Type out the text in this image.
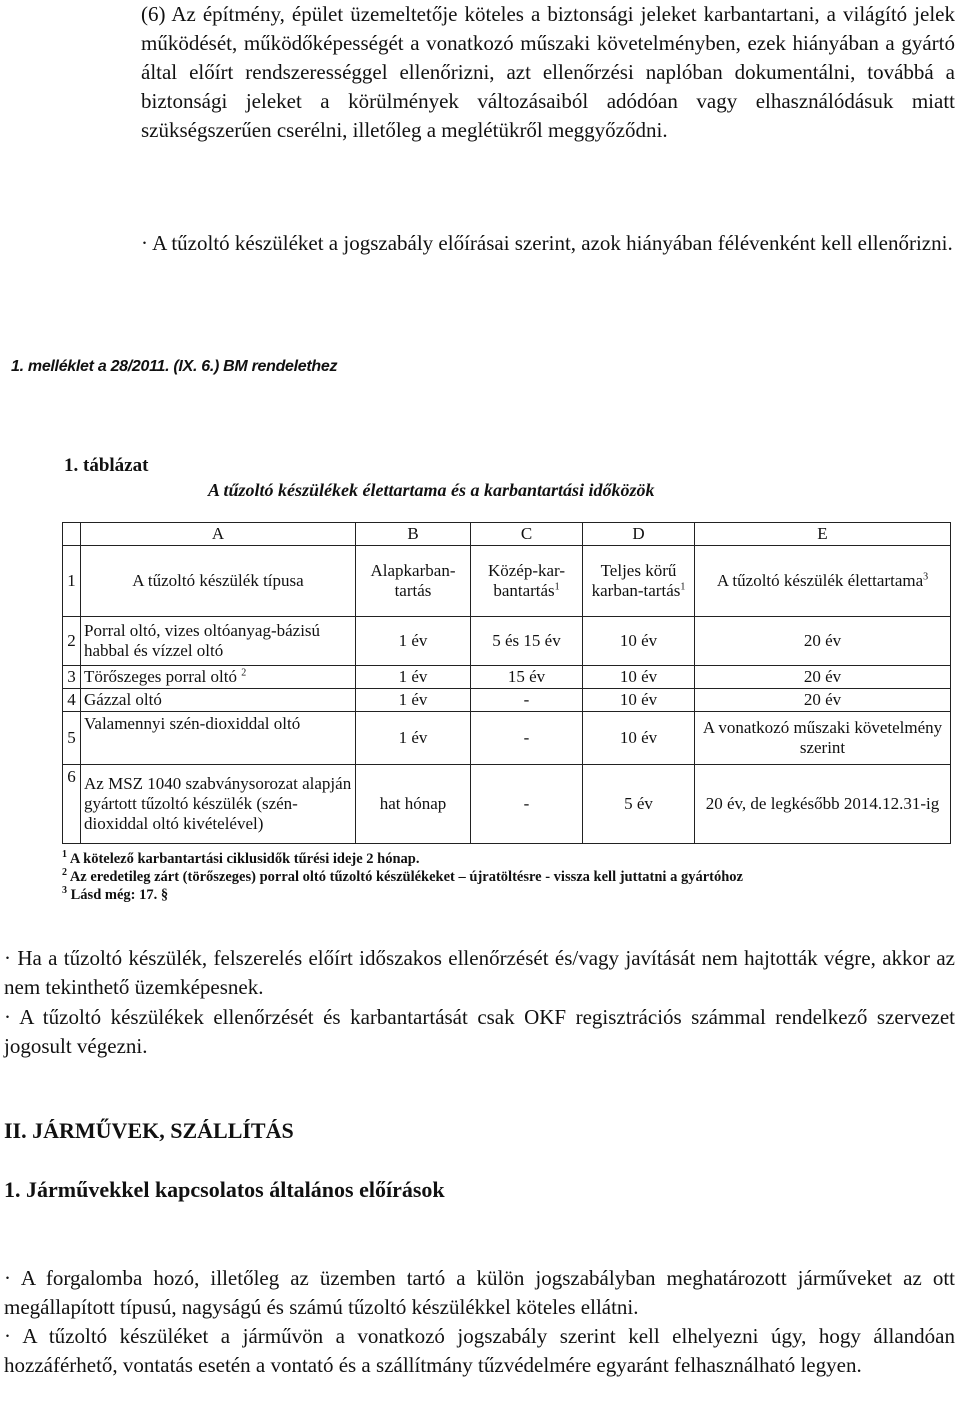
(6) Az építmény, épület üzemeltetője köteles a biztonsági jeleket karbantartani, a világító jelek működését, működőképességét a vonatkozó műszaki követelményben, ezek hiányában a gyártó által előírt rendszerességgel ellenőrizni, azt ellenőrzési naplóban dokumentálni, továbbá a biztonsági jeleket a körülmények változásaiból adódóan vagy elhasználódásuk miatt szükségszerűen cserélni, illetőleg a meglétükről meggyőződni.

· A tűzoltó készüléket a jogszabály előírásai szerint, azok hiányában félévenként kell ellenőrizni.

1. melléklet a 28/2011. (IX. 6.) BM rendelethez
1. táblázat
A tűzoltó készülékek élettartama és a karbantartási időközök
	A	B	C	D	E
1	A tűzoltó készülék típusa	Alapkarban-tartás	Közép-kar-bantartás$^1$	Teljes körű karban-tartás$^1$	A tűzoltó készülék élettartama$^3$
2	Porral oltó, vizes oltóanyag-bázisú habbal és vízzel oltó	1 év	5 és 15 év	10 év	20 év
3	Törőszeges porral oltó $^2$	1 év	15 év	10 év	20 év
4	Gázzal oltó	1 év	-	10 év	20 év
5	Valamennyi szén-dioxiddal oltó	1 év	-	10 év	A vonatkozó műszaki követelmény szerint
6	Az MSZ 1040 szabványsorozat alapján gyártott tűzoltó készülék (szén-dioxiddal oltó kivételével)	hat hónap	-	5 év	20 év, de legkésőbb 2014.12.31-ig
$^1$ A kötelező karbantartási ciklusidők tűrési ideje 2 hónap.
$^2$ Az eredetileg zárt (törőszeges) porral oltó tűzoltó készülékeket – újratöltésre - vissza kell juttatni a gyártóhoz
$^3$ Lásd még: 17. §

· Ha a tűzoltó készülék, felszerelés előírt időszakos ellenőrzését és/vagy javítását nem hajtották végre, akkor az nem tekinthető üzemképesnek.

· A tűzoltó készülékek ellenőrzését és karbantartását csak OKF regisztrációs számmal rendelkező szervezet jogosult végezni.

II. JÁRMŰVEK, SZÁLLÍTÁS
1. Járművekkel kapcsolatos általános előírások

· A forgalomba hozó, illetőleg az üzemben tartó a külön jogszabályban meghatározott járműveket az ott megállapított típusú, nagyságú és számú tűzoltó készülékkel köteles ellátni.

· A tűzoltó készüléket a járművön a vonatkozó jogszabály szerint kell elhelyezni úgy, hogy állandóan hozzáférhető, vontatás esetén a vontató és a szállítmány tűzvédelmére egyaránt felhasználható legyen.
